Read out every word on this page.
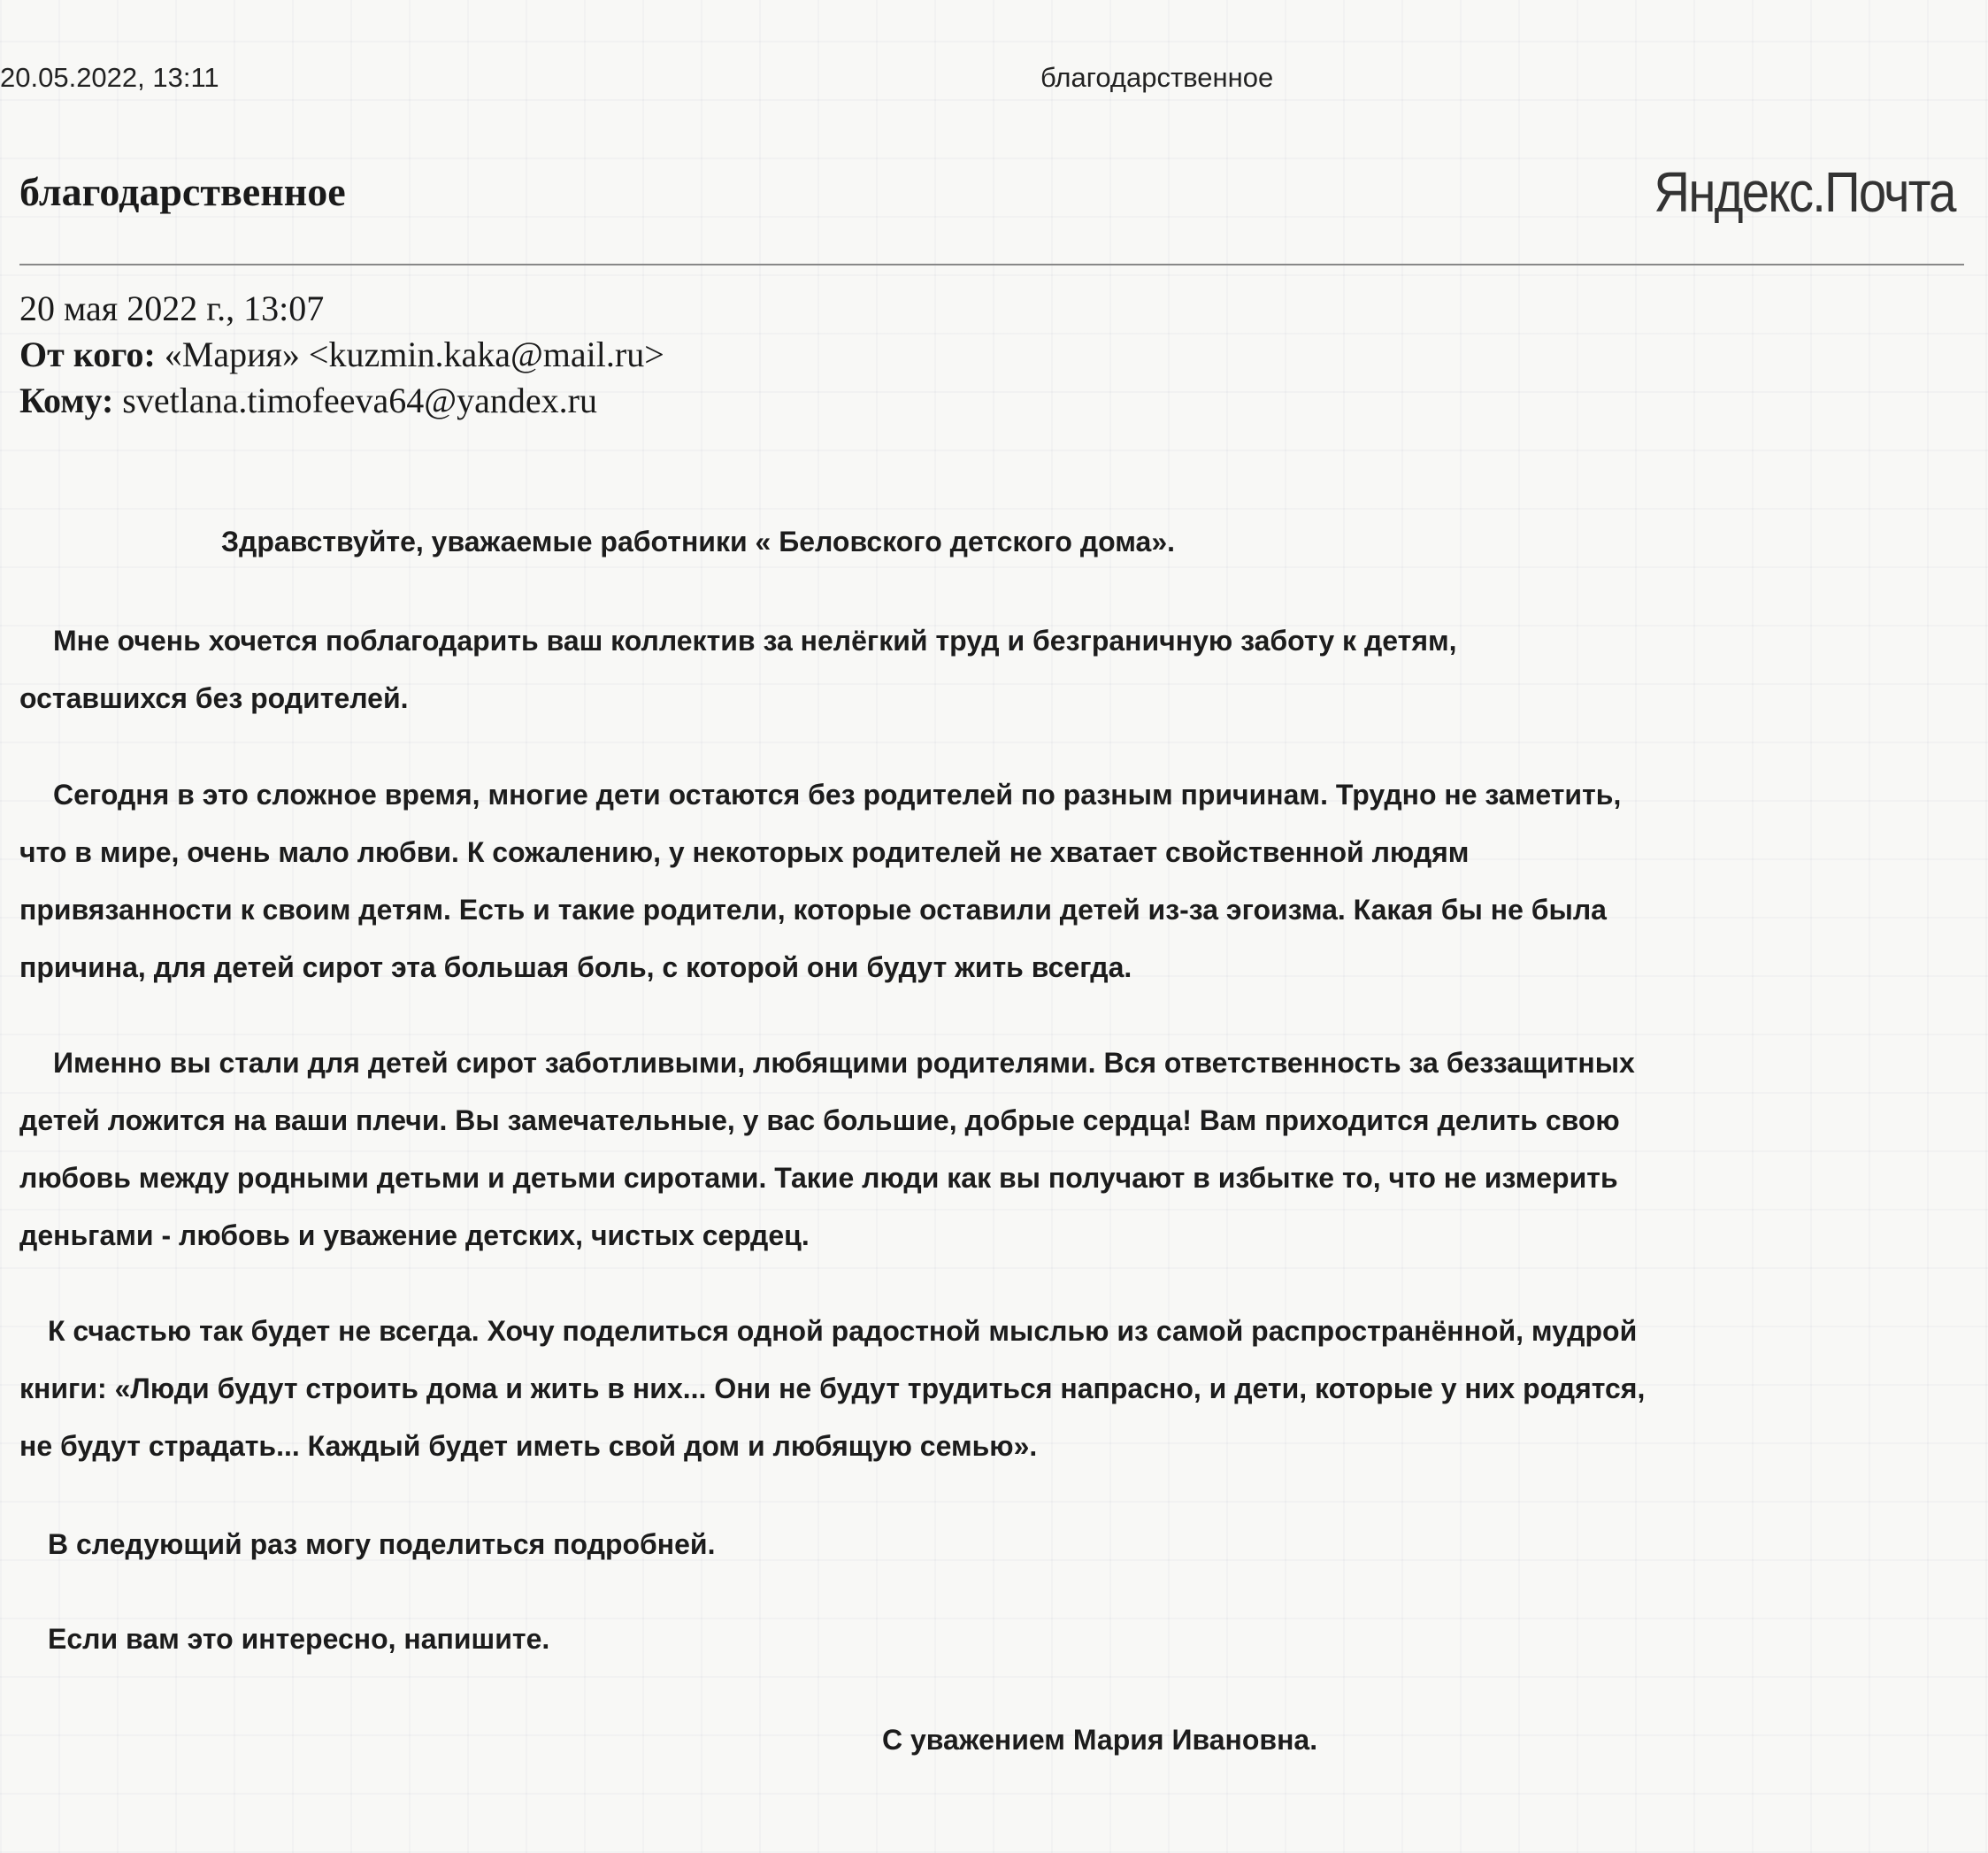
20.05.2022, 13:11	благодарственное
благодарственное	Яндекс.Почта
20 мая 2022 г., 13:07
От кого: «Мария» <kuzmin.kaka@mail.ru>
Кому: svetlana.timofeeva64@yandex.ru

Здравствуйте, уважаемые работники « Беловского детского дома».

Мне очень хочется поблагодарить ваш коллектив за нелёгкий труд и безграничную заботу к детям,
оставшихся без родителей.

Сегодня в это сложное время, многие дети остаются без родителей по разным причинам. Трудно не заметить,
что в мире, очень мало любви. К сожалению, у некоторых родителей не хватает свойственной людям
привязанности к своим детям. Есть и такие родители, которые оставили детей из-за эгоизма. Какая бы не была
причина, для детей сирот эта большая боль, с которой они будут жить всегда.

Именно вы стали для детей сирот заботливыми, любящими родителями. Вся ответственность за беззащитных
детей ложится на ваши плечи. Вы замечательные, у вас большие, добрые сердца! Вам приходится делить свою
любовь между родными детьми и детьми сиротами. Такие люди как вы получают в избытке то, что не измерить
деньгами - любовь и уважение детских, чистых сердец.

К счастью так будет не всегда. Хочу поделиться одной радостной мыслью из самой распространённой, мудрой
книги: «Люди будут строить дома и жить в них... Они не будут трудиться напрасно, и дети, которые у них родятся,
не будут страдать... Каждый будет иметь свой дом и любящую семью».

В следующий раз могу поделиться подробней.

Если вам это интересно, напишите.

С уважением Мария Ивановна.
